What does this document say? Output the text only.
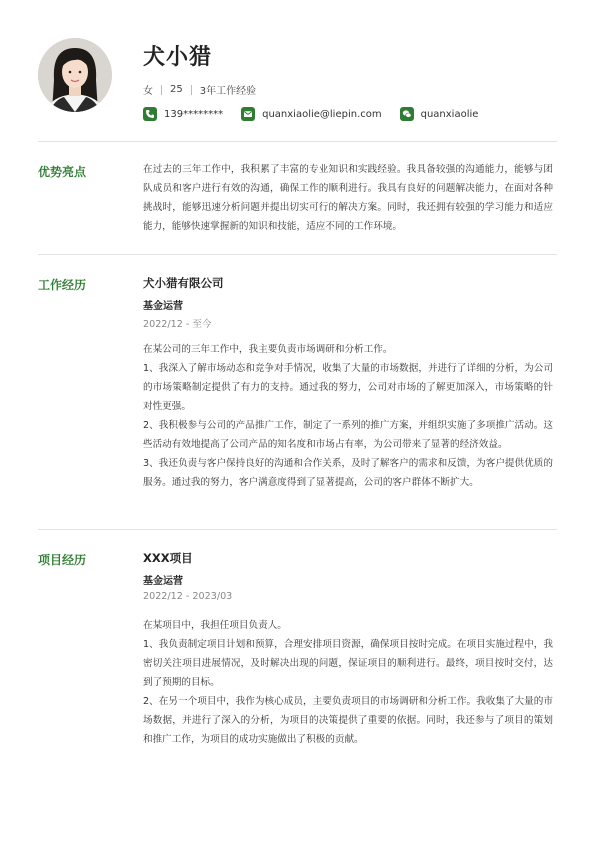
犬小猎
女 25 3年工作经验
139********	quanxiaolie@liepin.com	quanxiaolie
优势亮点	在过去的三年工作中，我积累了丰富的专业知识和实践经验。我具备较强的沟通能力，能够与团队成员和客户进行有效的沟通，确保工作的顺利进行。我具有良好的问题解决能力，在面对各种挑战时，能够迅速分析问题并提出切实可行的解决方案。同时，我还拥有较强的学习能力和适应能力，能够快速掌握新的知识和技能，适应不同的工作环境。
工作经历	犬小猎有限公司
基金运营
2022/12 - 至今

在某公司的三年工作中，我主要负责市场调研和分析工作。

1、我深入了解市场动态和竞争对手情况，收集了大量的市场数据，并进行了详细的分析，为公司的市场策略制定提供了有力的支持。通过我的努力，公司对市场的了解更加深入，市场策略的针对性更强。

2、我积极参与公司的产品推广工作，制定了一系列的推广方案，并组织实施了多项推广活动。这些活动有效地提高了公司产品的知名度和市场占有率，为公司带来了显著的经济效益。

3、我还负责与客户保持良好的沟通和合作关系，及时了解客户的需求和反馈，为客户提供优质的服务。通过我的努力，客户满意度得到了显著提高，公司的客户群体不断扩大。

项目经历	XXX项目
基金运营
2022/12 - 2023/03

在某项目中，我担任项目负责人。

1、我负责制定项目计划和预算，合理安排项目资源，确保项目按时完成。在项目实施过程中，我密切关注项目进展情况，及时解决出现的问题，保证项目的顺利进行。最终，项目按时交付，达到了预期的目标。

2、在另一个项目中，我作为核心成员，主要负责项目的市场调研和分析工作。我收集了大量的市场数据，并进行了深入的分析，为项目的决策提供了重要的依据。同时，我还参与了项目的策划和推广工作，为项目的成功实施做出了积极的贡献。
